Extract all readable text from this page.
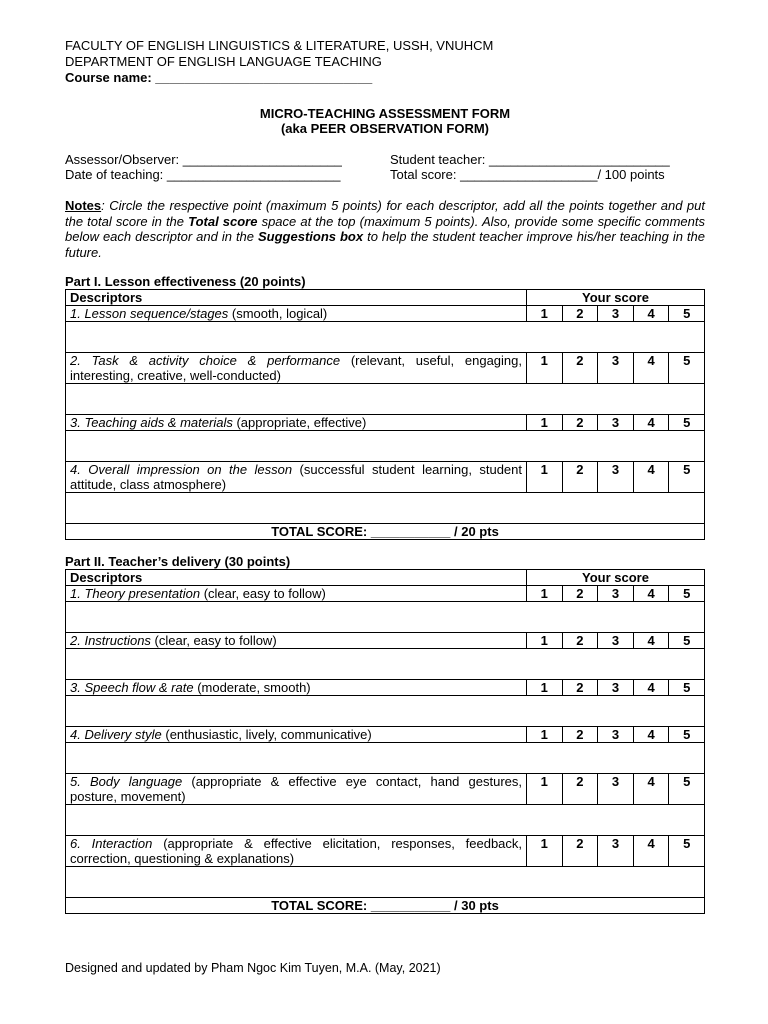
FACULTY OF ENGLISH LINGUISTICS & LITERATURE, USSH, VNUHCM
DEPARTMENT OF ENGLISH LANGUAGE TEACHING
Course name: ______________________________
MICRO-TEACHING ASSESSMENT FORM
(aka PEER OBSERVATION FORM)
Assessor/Observer: ______________________	Student teacher: _________________________
Date of teaching: ________________________	Total score: ___________________/ 100 points
Notes: Circle the respective point (maximum 5 points) for each descriptor, add all the points together and put the total score in the Total score space at the top (maximum 5 points). Also, provide some specific comments below each descriptor and in the Suggestions box to help the student teacher improve his/her teaching in the future.
Part I. Lesson effectiveness (20 points)
Descriptors	Your score				
1. Lesson sequence/stages (smooth, logical)	1	2	3	4	5

2. Task & activity choice & performance (relevant, useful, engaging, interesting, creative, well-conducted)	1	2	3	4	5

3. Teaching aids & materials (appropriate, effective)	1	2	3	4	5

4. Overall impression on the lesson (successful student learning, student attitude, class atmosphere)	1	2	3	4	5

TOTAL SCORE: ___________ / 20 pts					
Part II. Teacher’s delivery (30 points)
Descriptors	Your score				
1. Theory presentation (clear, easy to follow)	1	2	3	4	5

2. Instructions (clear, easy to follow)	1	2	3	4	5

3. Speech flow & rate (moderate, smooth)	1	2	3	4	5

4. Delivery style (enthusiastic, lively, communicative)	1	2	3	4	5

5. Body language (appropriate & effective eye contact, hand gestures, posture, movement)	1	2	3	4	5

6. Interaction (appropriate & effective elicitation, responses, feedback, correction, questioning & explanations)	1	2	3	4	5

TOTAL SCORE: ___________ / 30 pts					
Designed and updated by Pham Ngoc Kim Tuyen, M.A. (May, 2021)
